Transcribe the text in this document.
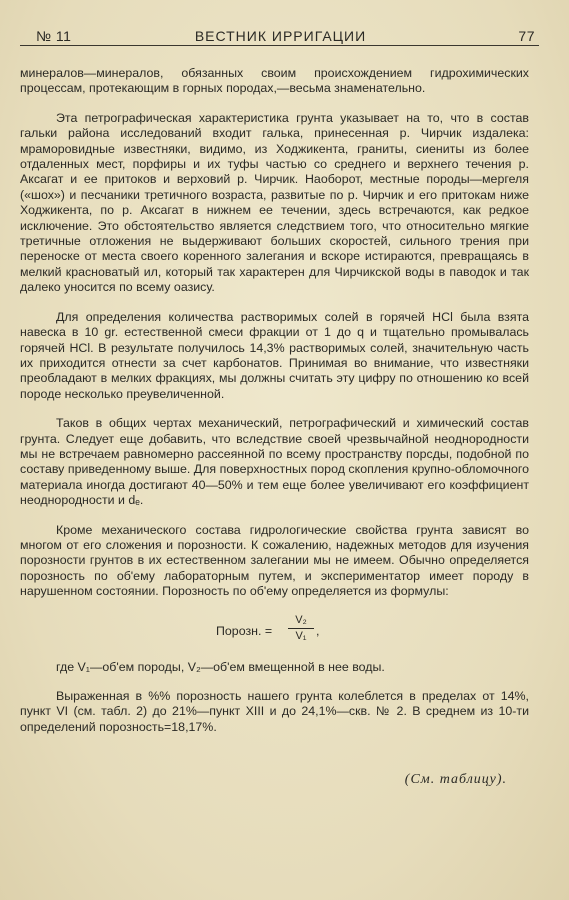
№ 11	ВЕСТНИК ИРРИГАЦИИ	77

минералов—минералов, обязанных своим происхождением гидрохимических процессам, протекающим в горных породах,—весьма знаменательно.

Эта петрографическая характеристика грунта указывает на то, что в состав гальки района исследований входит галька, принесенная р. Чирчик издалека: мраморовидные известняки, видимо, из Ходжикента, граниты, сиениты из более отдаленных мест, порфиры и их туфы частью со среднего и верхнего течения р. Аксагат и ее притоков и верховий р. Чирчик. Наоборот, местные породы—мергеля («шох») и песчаники третичного возраста, развитые по р. Чирчик и его притокам ниже Ходжикента, по р. Аксагат в нижнем ее течении, здесь встречаются, как редкое исключение. Это обстоятельство является следствием того, что относительно мягкие третичные отложения не выдерживают больших скоростей, сильного трения при переноске от места своего коренного залегания и вскоре истираются, превращаясь в мелкий красноватый ил, который так характерен для Чирчикской воды в паводок и так далеко уносится по всему оазису.

Для определения количества растворимых солей в горячей HCl была взята навеска в 10 gr. естественной смеси фракции от 1 до q и тщательно промывалась горячей HCl. В результате получилось 14,3% растворимых солей, значительную часть их приходится отнести за счет карбонатов. Принимая во внимание, что известняки преобладают в мелких фракциях, мы должны считать эту цифру по отношению ко всей породе несколько преувеличенной.

Таков в общих чертах механический, петрографический и химический состав грунта. Следует еще добавить, что вследствие своей чрезвычайной неоднородности мы не встречаем равномерно рассеянной по всему пространству порсды, подобной по составу приведенному выше. Для поверхностных пород скопления крупно-обломочного материала иногда достигают 40—50% и тем еще более увеличивают его коэффициент неоднородности и dₑ.

Кроме механического состава гидрологические свойства грунта зависят во многом от его сложения и порозности. К сожалению, надежных методов для изучения порозности грунтов в их естественном залегании мы не имеем. Обычно определяется порозность по об'ему лабораторным путем, и экспериментатор имеет породу в нарушенном состоянии. Порозность по об'ему определяется из формулы:

Порозн. =
V₂
V₁ ,

где V₁—об'ем породы, V₂—об'ем вмещенной в нее воды.

Выраженная в %% порозность нашего грунта колеблется в пределах от 14%, пункт VI (см. табл. 2) до 21%—пункт XIII и до 24,1%—скв. № 2. В среднем из 10-ти определений порозность=18,17%.

(См. таблицу).
